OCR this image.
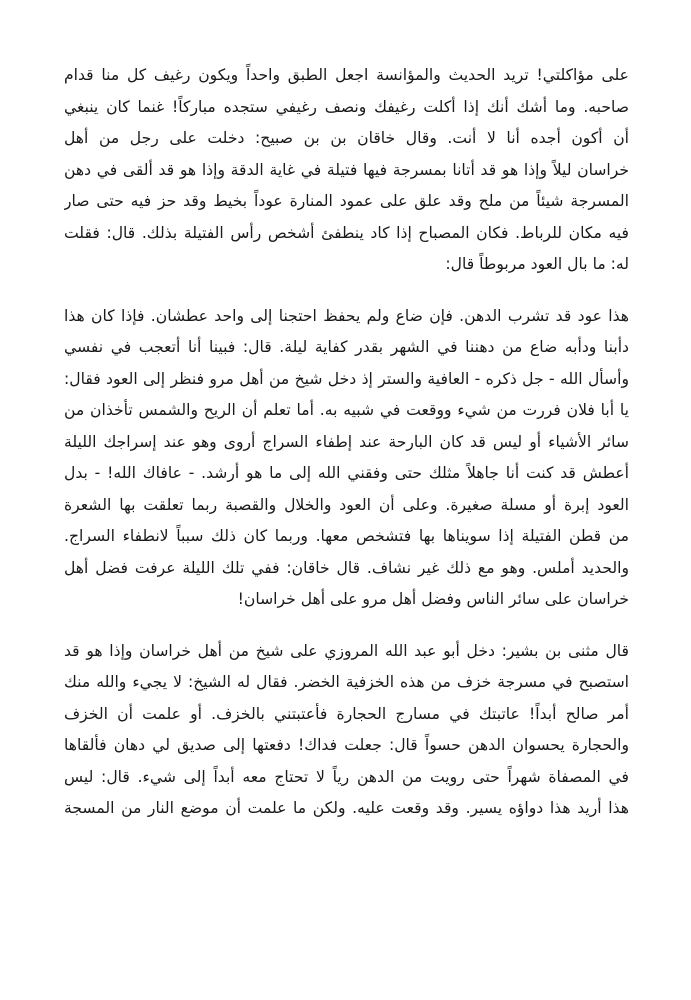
على مؤاكلتي! تريد الحديث والمؤانسة اجعل الطبق واحداً ويكون رغيف كل منا قدام
صاحبه. وما أشك أنك إذا أكلت رغيفك ونصف رغيفي ستجده مباركاً! غنما كان ينبغي
أن أكون أجده أنا لا أنت. وقال خاقان بن بن صبيح: دخلت على رجل من أهل
خراسان ليلاً وإذا هو قد أتانا بمسرجة فيها فتيلة في غاية الدقة وإذا هو قد ألقى في دهن
المسرجة شيئاً من ملح وقد علق على عمود المنارة عوداً بخيط وقد حز فيه حتى صار
فيه مكان للرباط. فكان المصباح إذا كاد ينطفئ أشخص رأس الفتيلة بذلك. قال: فقلت
له: ما بال العود مربوطاً قال:

هذا عود قد تشرب الدهن. فإن ضاع ولم يحفظ احتجنا إلى واحد عطشان. فإذا كان هذا
دأبنا ودأبه ضاع من دهننا في الشهر بقدر كفاية ليلة. قال: فبينا أنا أتعجب في نفسي
وأسأل الله - جل ذكره - العافية والستر إذ دخل شيخ من أهل مرو فنظر إلى العود فقال:
يا أبا فلان فررت من شيء ووقعت في شبيه به. أما تعلم أن الريح والشمس تأخذان من
سائر الأشياء أو ليس قد كان البارحة عند إطفاء السراج أروى وهو عند إسراجك الليلة
أعطش قد كنت أنا جاهلاً مثلك حتى وفقني الله إلى ما هو أرشد. - عافاك الله! - بدل
العود إبرة أو مسلة صغيرة. وعلى أن العود والخلال والقصبة ربما تعلقت بها الشعرة
من قطن الفتيلة إذا سويناها بها فتشخص معها. وربما كان ذلك سبباً لانطفاء السراج.
والحديد أملس. وهو مع ذلك غير نشاف. قال خاقان: ففي تلك الليلة عرفت فضل أهل
خراسان على سائر الناس وفضل أهل مرو على أهل خراسان!

قال مثنى بن بشير: دخل أبو عبد الله المروزي على شيخ من أهل خراسان وإذا هو قد
استصبح في مسرجة خزف من هذه الخزفية الخضر. فقال له الشيخ: لا يجيء والله منك
أمر صالح أبداً! عاتبتك في مسارج الحجارة فأعتبتني بالخزف. أو علمت أن الخزف
والحجارة يحسوان الدهن حسواً قال: جعلت فداك! دفعتها إلى صديق لي دهان فألقاها
في المصفاة شهراً حتى رويت من الدهن رياً لا تحتاج معه أبداً إلى شيء. قال: ليس
هذا أريد هذا دواؤه يسير. وقد وقعت عليه. ولكن ما علمت أن موضع النار من المسجة
